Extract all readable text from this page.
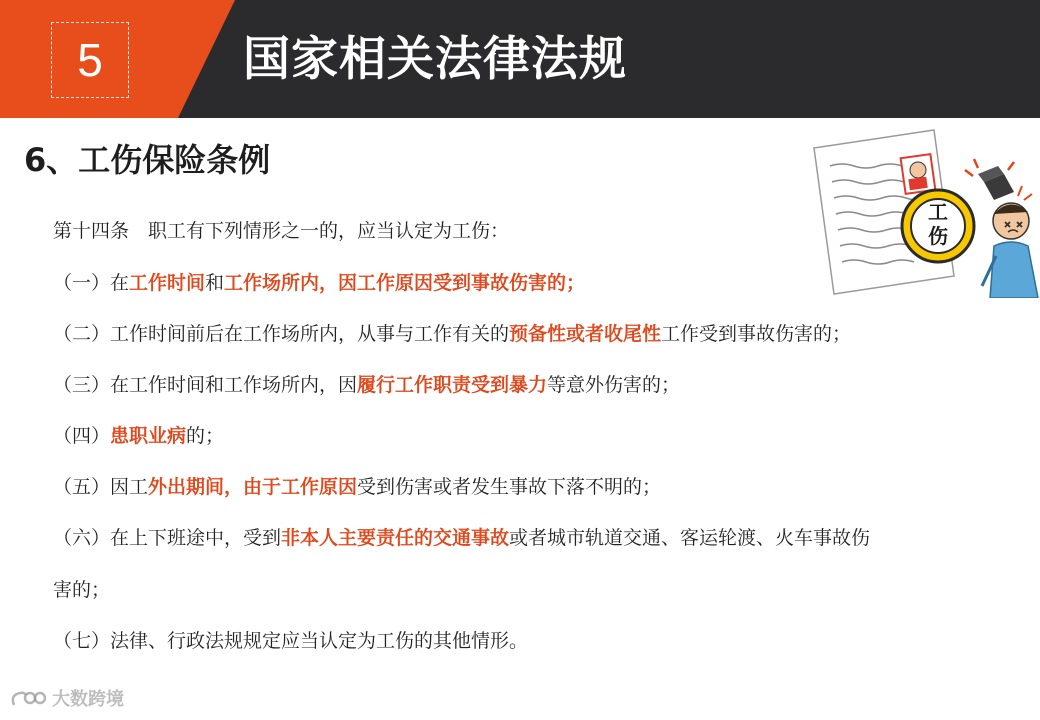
5	国家相关法律法规
6、工伤保险条例
工
伤
第十四条　职工有下列情形之一的，应当认定为工伤：
（一）在工作时间和工作场所内，因工作原因受到事故伤害的；
（二）工作时间前后在工作场所内，从事与工作有关的预备性或者收尾性工作受到事故伤害的；
（三）在工作时间和工作场所内，因履行工作职责受到暴力等意外伤害的；
（四）患职业病的；
（五）因工外出期间，由于工作原因受到伤害或者发生事故下落不明的；
（六）在上下班途中，受到非本人主要责任的交通事故或者城市轨道交通、客运轮渡、火车事故伤
害的；
（七）法律、行政法规规定应当认定为工伤的其他情形。
大数跨境
